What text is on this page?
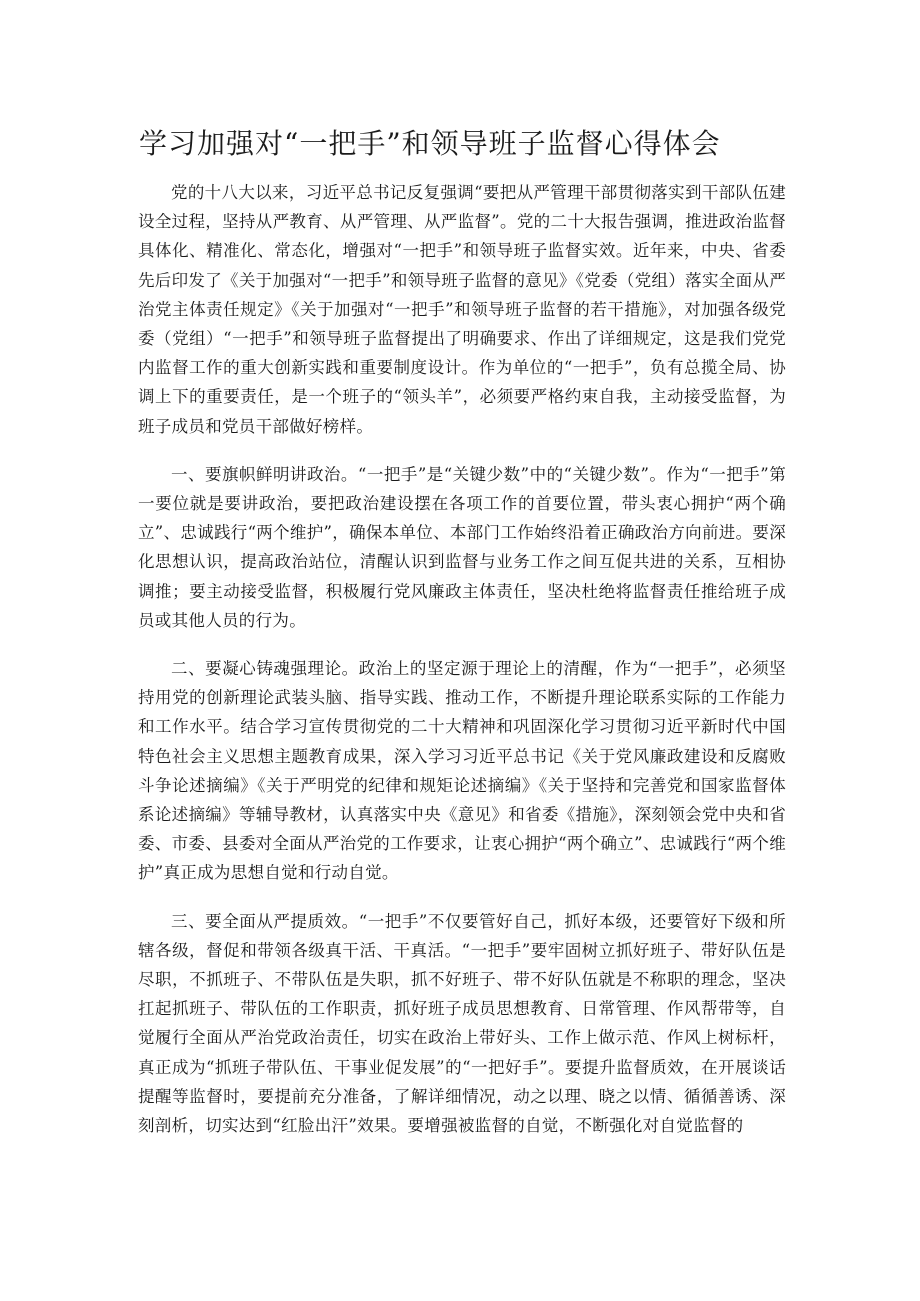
学习加强对“一把手”和领导班子监督心得体会

党的十八大以来，习近平总书记反复强调“要把从严管理干部贯彻落实到干部队伍建设全过程，坚持从严教育、从严管理、从严监督”。党的二十大报告强调，推进政治监督具体化、精准化、常态化，增强对“一把手”和领导班子监督实效。近年来，中央、省委先后印发了《关于加强对“一把手”和领导班子监督的意见》《党委（党组）落实全面从严治党主体责任规定》《关于加强对“一把手”和领导班子监督的若干措施》，对加强各级党委（党组）“一把手”和领导班子监督提出了明确要求、作出了详细规定，这是我们党党内监督工作的重大创新实践和重要制度设计。作为单位的“一把手”，负有总揽全局、协调上下的重要责任，是一个班子的“领头羊”，必须要严格约束自我，主动接受监督，为班子成员和党员干部做好榜样。

一、要旗帜鲜明讲政治。“一把手”是“关键少数”中的“关键少数”。作为“一把手”第一要位就是要讲政治，要把政治建设摆在各项工作的首要位置，带头衷心拥护“两个确立”、忠诚践行“两个维护”，确保本单位、本部门工作始终沿着正确政治方向前进。要深化思想认识，提高政治站位，清醒认识到监督与业务工作之间互促共进的关系，互相协调推；要主动接受监督，积极履行党风廉政主体责任，坚决杜绝将监督责任推给班子成员或其他人员的行为。

二、要凝心铸魂强理论。政治上的坚定源于理论上的清醒，作为“一把手”，必须坚持用党的创新理论武装头脑、指导实践、推动工作，不断提升理论联系实际的工作能力和工作水平。结合学习宣传贯彻党的二十大精神和巩固深化学习贯彻习近平新时代中国特色社会主义思想主题教育成果，深入学习习近平总书记《关于党风廉政建设和反腐败斗争论述摘编》《关于严明党的纪律和规矩论述摘编》《关于坚持和完善党和国家监督体系论述摘编》等辅导教材，认真落实中央《意见》和省委《措施》，深刻领会党中央和省委、市委、县委对全面从严治党的工作要求，让衷心拥护“两个确立”、忠诚践行“两个维护”真正成为思想自觉和行动自觉。

三、要全面从严提质效。“一把手”不仅要管好自己，抓好本级，还要管好下级和所辖各级，督促和带领各级真干活、干真活。“一把手”要牢固树立抓好班子、带好队伍是尽职，不抓班子、不带队伍是失职，抓不好班子、带不好队伍就是不称职的理念，坚决扛起抓班子、带队伍的工作职责，抓好班子成员思想教育、日常管理、作风帮带等，自觉履行全面从严治党政治责任，切实在政治上带好头、工作上做示范、作风上树标杆，真正成为“抓班子带队伍、干事业促发展”的“一把好手”。要提升监督质效，在开展谈话提醒等监督时，要提前充分准备，了解详细情况，动之以理、晓之以情、循循善诱、深刻剖析，切实达到“红脸出汗”效果。要增强被监督的自觉，不断强化对自觉监督的
